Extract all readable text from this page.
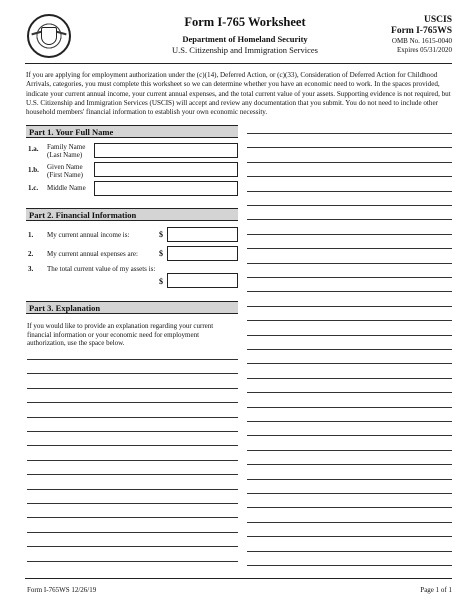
Form I-765 Worksheet
Department of Homeland Security
U.S. Citizenship and Immigration Services
USCIS
Form I-765WS
OMB No. 1615-0040
Expires 05/31/2020
If you are applying for employment authorization under the (c)(14), Deferred Action, or (c)(33), Consideration of Deferred Action for Childhood Arrivals, categories, you must complete this worksheet so we can determine whether you have an economic need to work. In the spaces provided, indicate your current annual income, your current annual expenses, and the total current value of your assets. Supporting evidence is not required, but U.S. Citizenship and Immigration Services (USCIS) will accept and review any documentation that you submit. You do not need to include other household members' financial information to establish your own economic necessity.
Part 1. Your Full Name
1.a. Family Name
(Last Name)
1.b. Given Name
(First Name)
1.c. Middle Name
Part 2. Financial Information
1. My current annual income is:	$
2. My current annual expenses are:	$
3. The total current value of my assets is:
$
Part 3. Explanation
If you would like to provide an explanation regarding your current financial information or your economic need for employment authorization, use the space below.
Form I-765WS 12/26/19	Page 1 of 1
